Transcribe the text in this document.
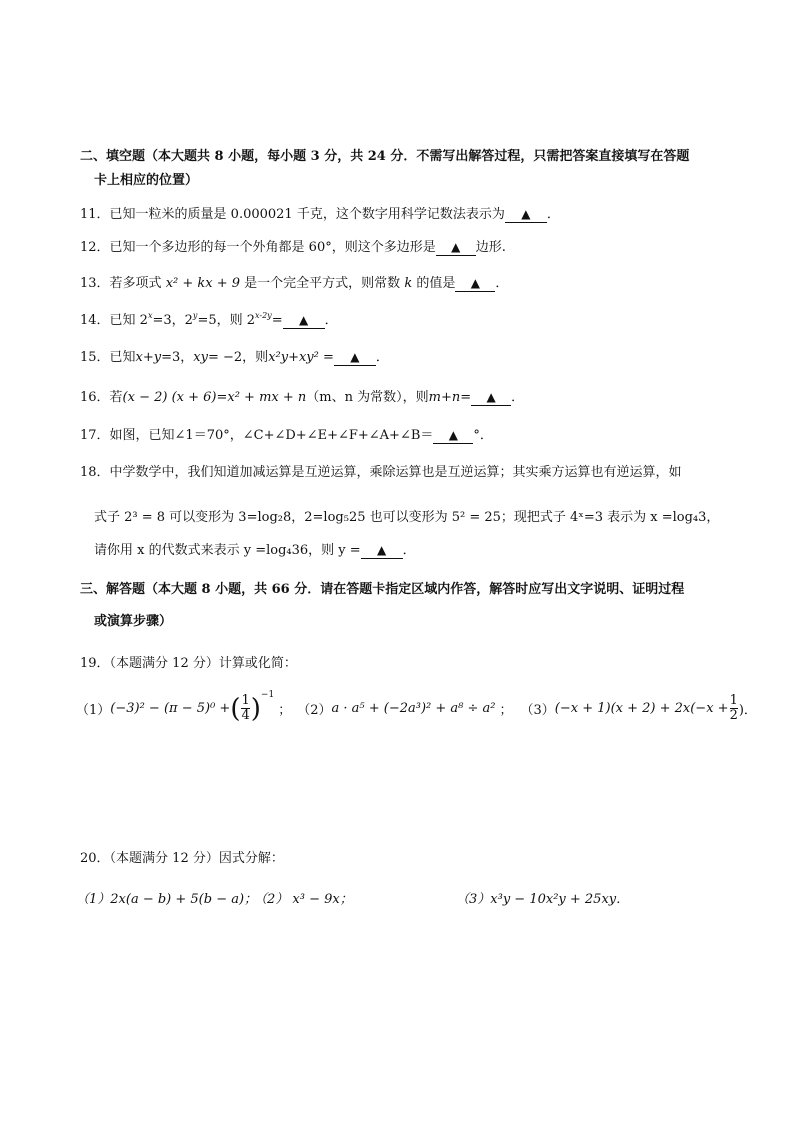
二、填空题（本大题共 8 小题，每小题 3 分，共 24 分．不需写出解答过程，只需把答案直接填写在答题
卡上相应的位置）
11．已知一粒米的质量是 0.000021 千克，这个数字用科学记数法表示为 ▲ ．
12．已知一个多边形的每一个外角都是 60°，则这个多边形是 ▲ 边形.
13．若多项式 x² + kx + 9 是一个完全平方式，则常数 k 的值是 ▲ ．
14．已知 $2^x=3$，$2^y=5$，则 $2^{x-2y}=$ ▲ ．
15．已知x+y=3，xy= −2，则x²y+xy² = ▲ ．
16．若(x − 2) (x + 6)=x² + mx + n（m、n 为常数），则m+n= ▲ ．
17．如图，已知∠1＝70°，∠C+∠D+∠E+∠F+∠A+∠B＝ ▲ °．
18．中学数学中，我们知道加减运算是互逆运算，乘除运算也是互逆运算；其实乘方运算也有逆运算，如
式子 2³ = 8 可以变形为 3=log₂8，2=log₅25 也可以变形为 5² = 25；现把式子 4ˣ=3 表示为 x =log₄3，
请你用 x 的代数式来表示 y =log₄36，则 y = ▲ ．
三、解答题（本大题 8 小题，共 66 分．请在答题卡指定区域内作答，解答时应写出文字说明、证明过程
或演算步骤）
19．（本题满分 12 分）计算或化简：
（1） (−3)² − (π − 5)⁰ + ( $\frac{1}{4}$ ) −1
； （2） a · a⁵ + (−2a³)² + a⁸ ÷ a² ； （3） $(-x + 1)(x + 2) + 2x(-x + \frac{1}{2}$ )．
20．（本题满分 12 分）因式分解：
（1）2x(a − b) + 5(b − a)；
（2） x³ − 9x；	（3）x³y − 10x²y + 25xy．
